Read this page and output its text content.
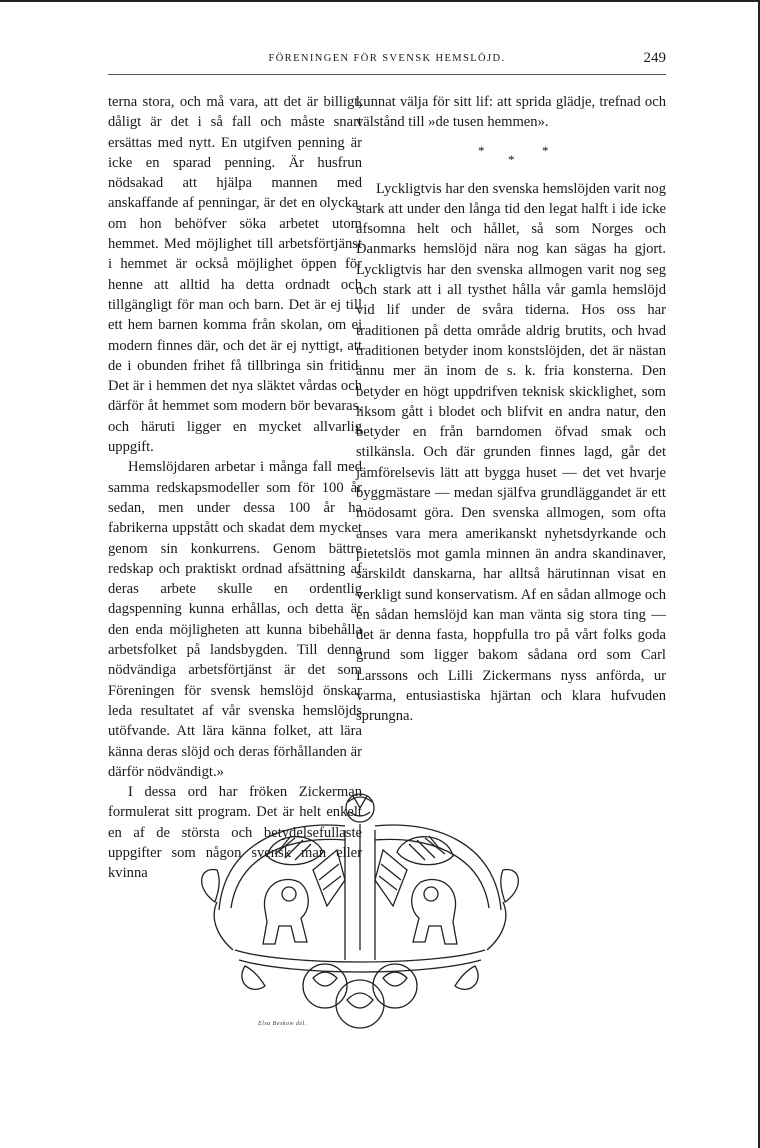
FÖRENINGEN FÖR SVENSK HEMSLÖJD.	249

terna stora, och må vara, att det är billigt, dåligt är det i så fall och måste snart ersättas med nytt. En utgifven penning är icke en sparad penning. Är husfrun nödsakad att hjälpa mannen med anskaffande af penningar, är det en olycka, om hon behöfver söka arbetet utom hemmet. Med möjlighet till arbetsförtjänst i hemmet är också möjlighet öppen för henne att alltid ha detta ordnadt och tillgängligt för man och barn. Det är ej till ett hem barnen komma från skolan, om ej modern finnes där, och det är ej nyttigt, att de i obunden frihet få tillbringa sin fritid. Det är i hemmen det nya släktet vårdas och därför åt hemmet som modern bör bevaras, och häruti ligger en mycket allvarlig uppgift.

Hemslöjdaren arbetar i många fall med samma redskapsmodeller som för 100 år sedan, men under dessa 100 år ha fabrikerna uppstått och skadat dem mycket genom sin konkurrens. Genom bättre redskap och praktiskt ordnad afsättning af deras arbete skulle en ordentlig dagspenning kunna erhållas, och detta är den enda möjligheten att kunna bibehålla arbetsfolket på landsbygden. Till denna nödvändiga arbetsförtjänst är det som Föreningen för svensk hemslöjd önskar leda resultatet af vår svenska hemslöjds utöfvande. Att lära känna folket, att lära känna deras slöjd och deras förhållanden är därför nödvändigt.»

I dessa ord har fröken Zickerman formulerat sitt program. Det är helt enkelt en af de största och betydelsefullaste uppgifter som någon svensk man eller kvinna

kunnat välja för sitt lif: att sprida glädje, trefnad och välstånd till »de tusen hemmen».

*
*
*

Lyckligtvis har den svenska hemslöjden varit nog stark att under den långa tid den legat halft i ide icke afsomna helt och hållet, så som Norges och Danmarks hemslöjd nära nog kan sägas ha gjort. Lyckligtvis har den svenska allmogen varit nog seg och stark att i all tysthet hålla vår gamla hemslöjd vid lif under de svåra tiderna. Hos oss har traditionen på detta område aldrig brutits, och hvad traditionen betyder inom konstslöjden, det är nästan ännu mer än inom de s. k. fria konsterna. Den betyder en högt uppdrifven teknisk skicklighet, som liksom gått i blodet och blifvit en andra natur, den betyder en från barndomen öfvad smak och stilkänsla. Och där grunden finnes lagd, går det jämförelsevis lätt att bygga huset — det vet hvarje byggmästare — medan själfva grundläggandet är ett mödosamt göra. Den svenska allmogen, som ofta anses vara mera amerikanskt nyhetsdyrkande och pietetslös mot gamla minnen än andra skandinaver, särskildt danskarna, har alltså härutinnan visat en verkligt sund konservatism. Af en sådan allmoge och en sådan hemslöjd kan man vänta sig stora ting — det är denna fasta, hoppfulla tro på vårt folks goda grund som ligger bakom sådana ord som Carl Larssons och Lilli Zickermans nyss anförda, ur varma, entusiastiska hjärtan och klara hufvuden sprungna.

Elsa Beskow del.
